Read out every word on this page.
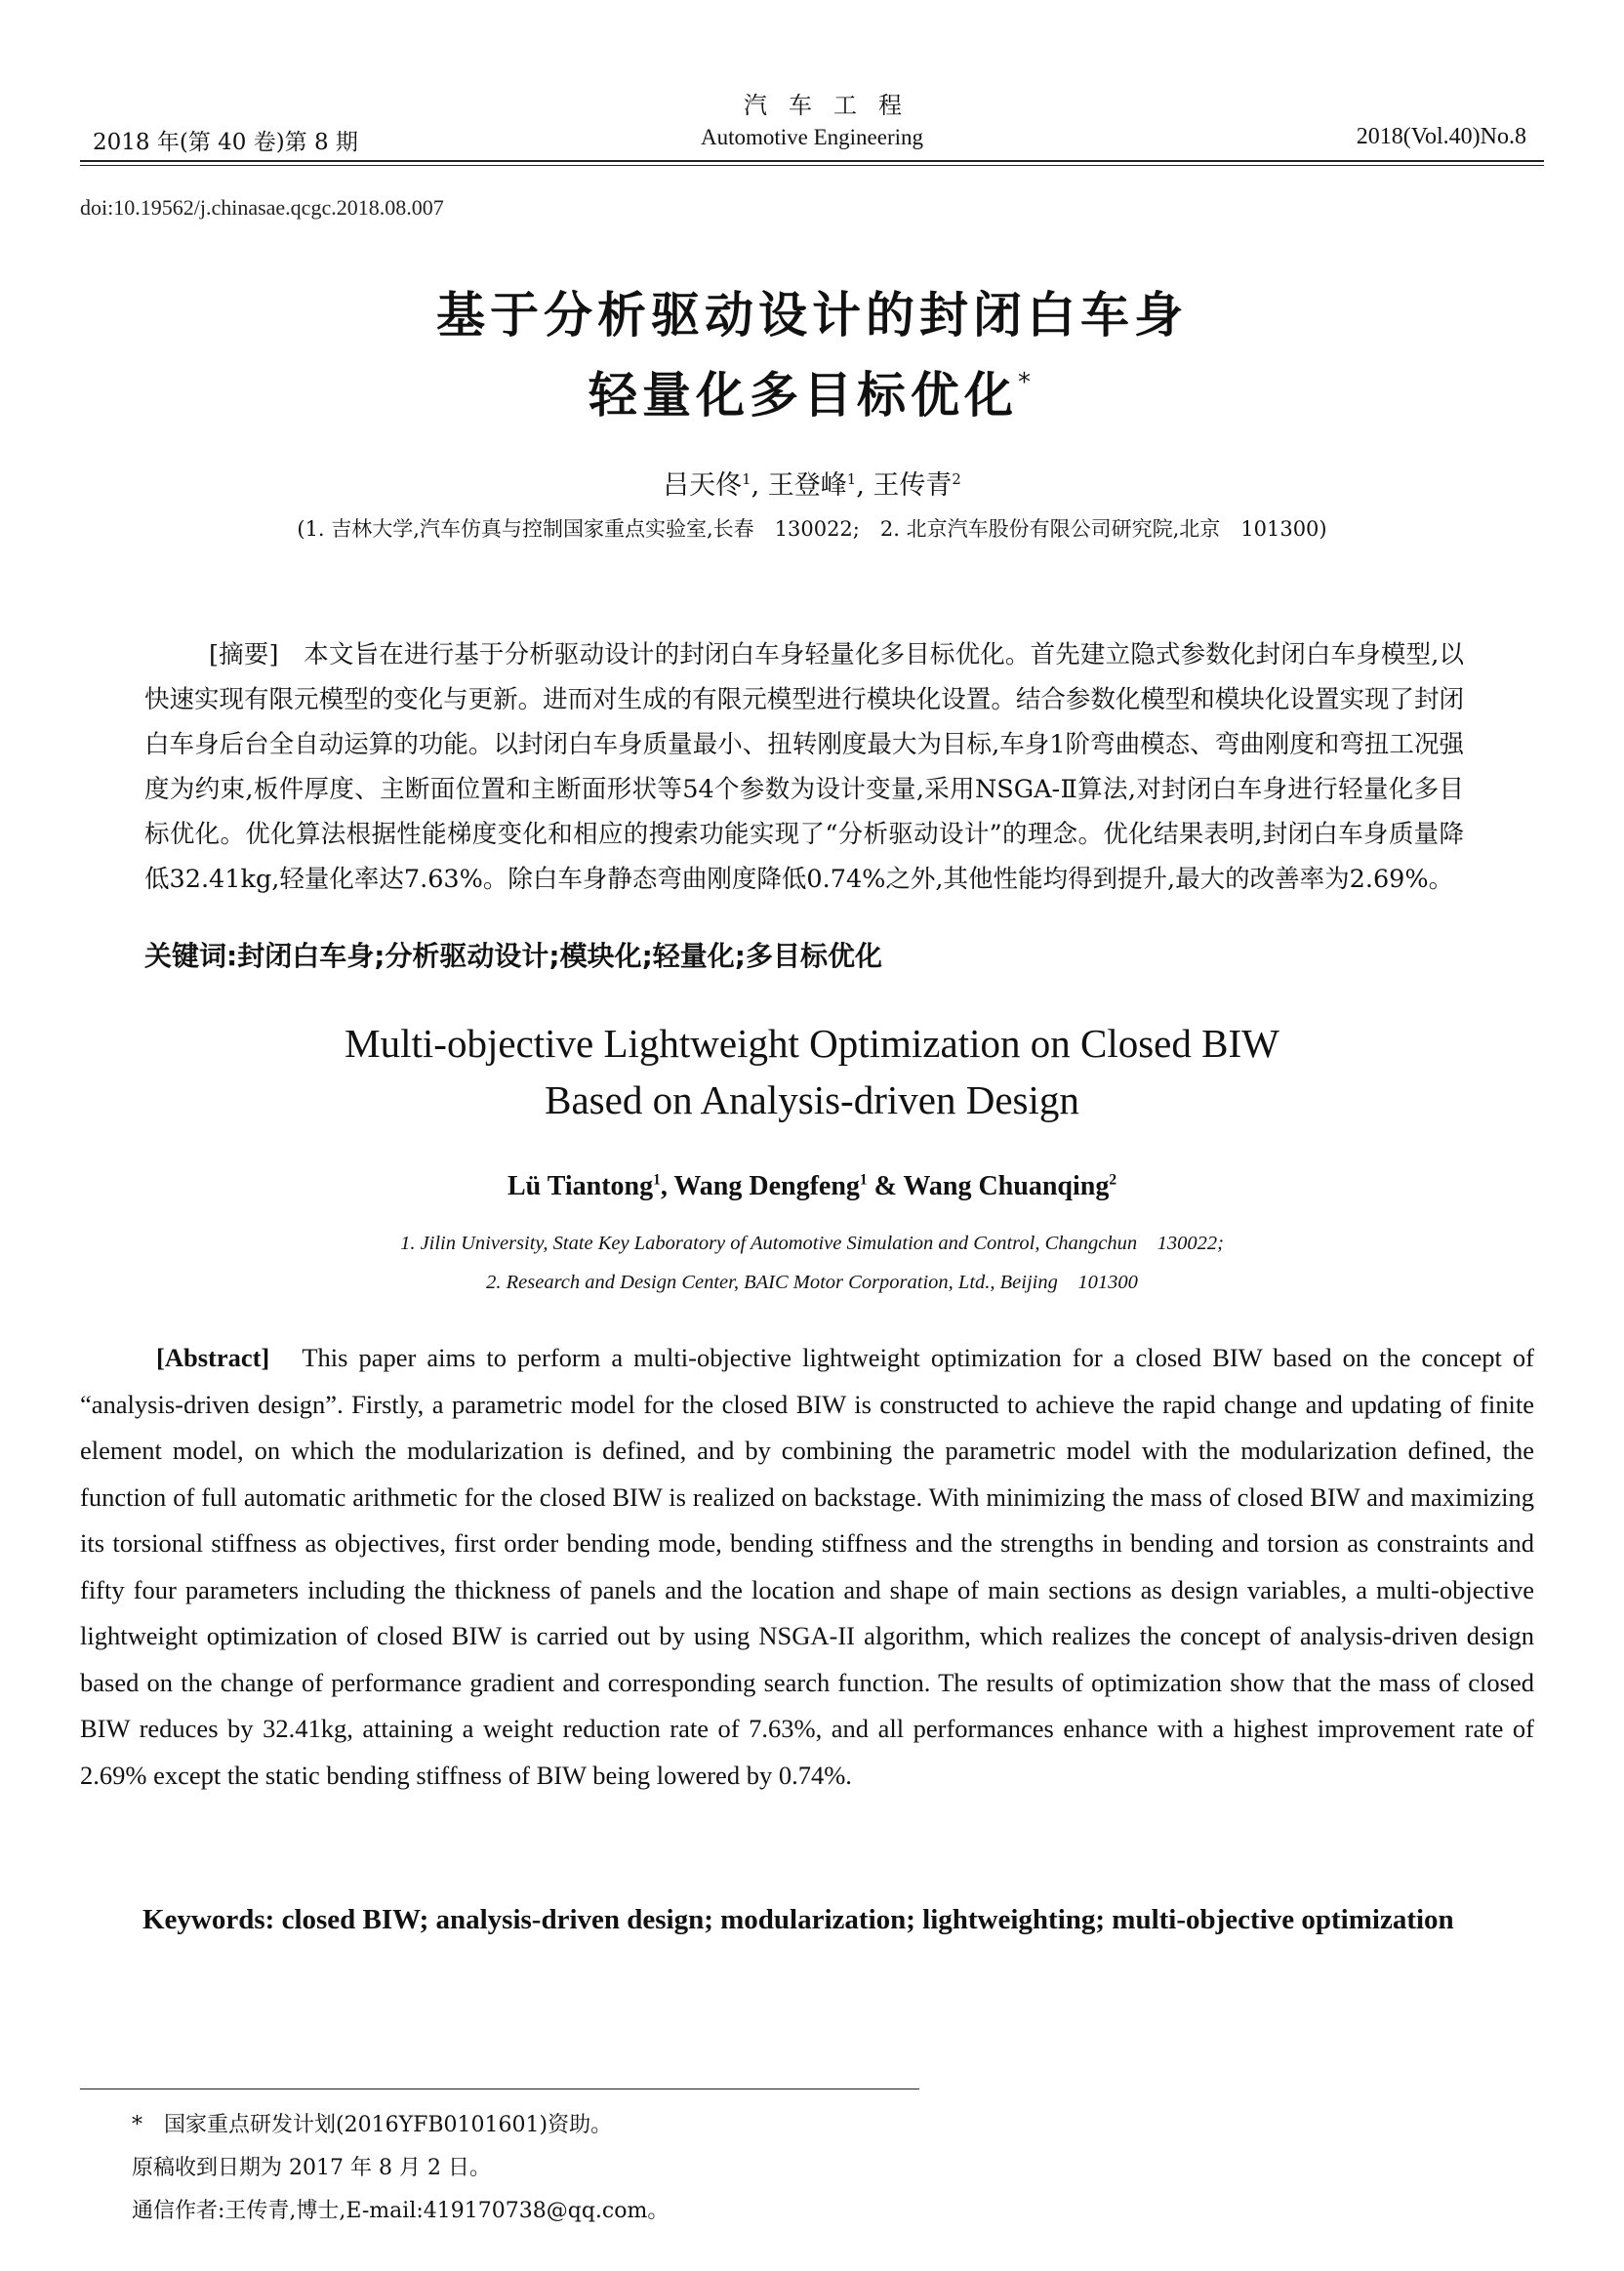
汽车工程
Automotive Engineering
2018 年(第 40 卷)第 8 期	2018(Vol.40)No.8
doi:10.19562/j.chinasae.qcgc.2018.08.007
基于分析驱动设计的封闭白车身
轻量化多目标优化*
吕天佟$^1$, 王登峰$^1$, 王传青$^2$
(1. 吉林大学,汽车仿真与控制国家重点实验室,长春　130022;　2. 北京汽车股份有限公司研究院,北京　101300)

[摘要]　 本文旨在进行基于分析驱动设计的封闭白车身轻量化多目标优化。首先建立隐式参数化封闭白车身模型,以快速实现有限元模型的变化与更新。进而对生成的有限元模型进行模块化设置。结合参数化模型和模块化设置实现了封闭白车身后台全自动运算的功能。以封闭白车身质量最小、扭转刚度最大为目标,车身1阶弯曲模态、弯曲刚度和弯扭工况强度为约束,板件厚度、主断面位置和主断面形状等54个参数为设计变量,采用NSGA-Ⅱ算法,对封闭白车身进行轻量化多目标优化。优化算法根据性能梯度变化和相应的搜索功能实现了“分析驱动设计”的理念。优化结果表明,封闭白车身质量降低32.41kg,轻量化率达7.63%。除白车身静态弯曲刚度降低0.74%之外,其他性能均得到提升,最大的改善率为2.69%。

关键词:封闭白车身;分析驱动设计;模块化;轻量化;多目标优化
Multi-objective Lightweight Optimization on Closed BIW
Based on Analysis-driven Design
Lü Tiantong$^1$, Wang Dengfeng$^1$ & Wang Chuanqing$^2$
1. Jilin University, State Key Laboratory of Automotive Simulation and Control, Changchun　130022;
2. Research and Design Center, BAIC Motor Corporation, Ltd., Beijing　101300

[Abstract] This paper aims to perform a multi-objective lightweight optimization for a closed BIW based on the concept of “analysis-driven design”. Firstly, a parametric model for the closed BIW is constructed to achieve the rapid change and updating of finite element model, on which the modularization is defined, and by combining the parametric model with the modularization defined, the function of full automatic arithmetic for the closed BIW is realized on backstage. With minimizing the mass of closed BIW and maximizing its torsional stiffness as objectives, first order bending mode, bending stiffness and the strengths in bending and torsion as constraints and fifty four parameters including the thickness of panels and the location and shape of main sections as design variables, a multi-objective lightweight optimization of closed BIW is carried out by using NSGA-II algorithm, which realizes the concept of analysis-driven design based on the change of performance gradient and corresponding search function. The results of optimization show that the mass of closed BIW reduces by 32.41kg, attaining a weight reduction rate of 7.63%, and all performances enhance with a highest improvement rate of 2.69% except the static bending stiffness of BIW being lowered by 0.74%.

Keywords: closed BIW; analysis-driven design; modularization; lightweighting; multi-objective optimization
*　国家重点研发计划(2016YFB0101601)资助。
原稿收到日期为 2017 年 8 月 2 日。
通信作者:王传青,博士,E-mail:419170738@qq.com。
